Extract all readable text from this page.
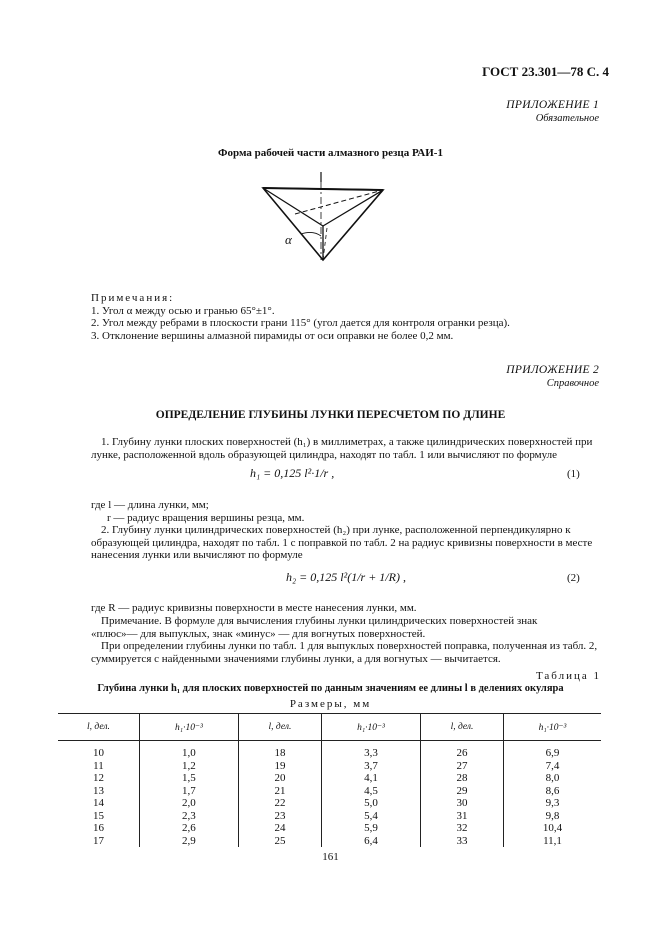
ГОСТ 23.301—78 С. 4
ПРИЛОЖЕНИЕ 1
Обязательное
Форма рабочей части алмазного резца РАИ-1
α
Примечания:
1. Угол α между осью и гранью 65°±1°.
2. Угол между ребрами в плоскости грани 115° (угол дается для контроля огранки резца).
3. Отклонение вершины алмазной пирамиды от оси оправки не более 0,2 мм.
ПРИЛОЖЕНИЕ 2
Справочное
ОПРЕДЕЛЕНИЕ ГЛУБИНЫ ЛУНКИ ПЕРЕСЧЕТОМ ПО ДЛИНЕ
1. Глубину лунки плоских поверхностей (h₁) в миллиметрах, а также цилиндрических поверхностей при
лунке, расположенной вдоль образующей цилиндра, находят по табл. 1 или вычисляют по формуле
h₁ = 0,125 l²·1/r ,	(1)
где l — длина лунки, мм;
r — радиус вращения вершины резца, мм.
2. Глубину лунки цилиндрических поверхностей (h₂) при лунке, расположенной перпендикулярно к
образующей цилиндра, находят по табл. 1 с поправкой по табл. 2 на радиус кривизны поверхности в месте
нанесения лунки или вычисляют по формуле
h₂ = 0,125 l²(1/r + 1/R) ,	(2)
где R — радиус кривизны поверхности в месте нанесения лунки, мм.
Примечание. В формуле для вычисления глубины лунки цилиндрических поверхностей знак
«плюс»— для выпуклых, знак «минус» — для вогнутых поверхностей.
При определении глубины лунки по табл. 1 для выпуклых поверхностей поправка, полученная из табл. 2,
суммируется с найденными значениями глубины лунки, а для вогнутых — вычитается.
Таблица 1
Глубина лунки h₁ для плоских поверхностей по данным значениям ее длины l в делениях окуляра
Размеры, мм
l, дел.	h₁·10⁻³	l, дел.	h₁·10⁻³	l, дел.	h₁·10⁻³
10	1,0	18	3,3	26	6,9
11	1,2	19	3,7	27	7,4
12	1,5	20	4,1	28	8,0
13	1,7	21	4,5	29	8,6
14	2,0	22	5,0	30	9,3
15	2,3	23	5,4	31	9,8
16	2,6	24	5,9	32	10,4
17	2,9	25	6,4	33	11,1
161
